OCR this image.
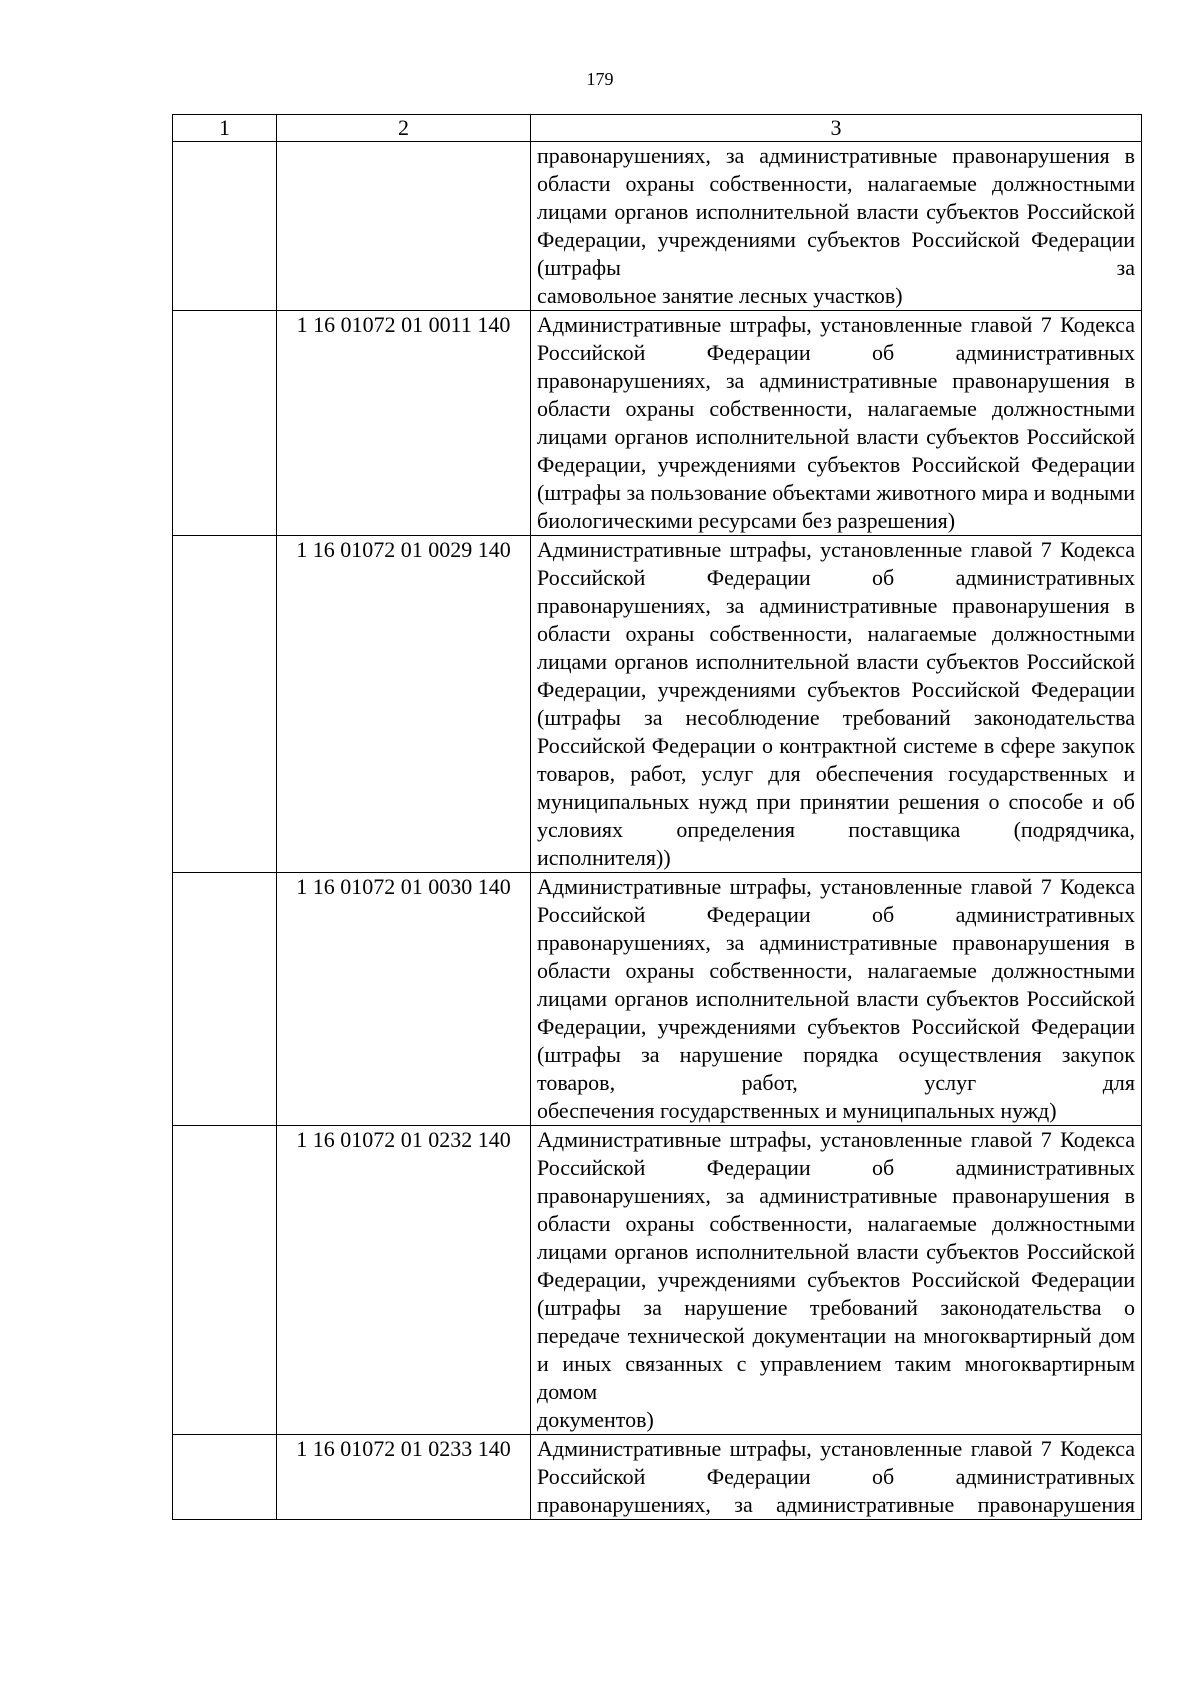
179
1	2	3
		правонарушениях, за административные правонарушения в области охраны собственности, налагаемые должностными лицами органов исполнительной власти субъектов Российской Федерации, учреждениями субъектов Российской Федерации (штрафы за
самовольное занятие лесных участков)

	1 16 01072 01 0011 140	Административные штрафы, установленные главой 7 Кодекса Российской Федерации об административных правонарушениях, за административные правонарушения в области охраны собственности, налагаемые должностными лицами органов исполнительной власти субъектов Российской Федерации, учреждениями субъектов Российской Федерации (штрафы за пользование объектами животного мира и водными
биологическими ресурсами без разрешения)

	1 16 01072 01 0029 140	Административные штрафы, установленные главой 7 Кодекса Российской Федерации об административных правонарушениях, за административные правонарушения в области охраны собственности, налагаемые должностными лицами органов исполнительной власти субъектов Российской Федерации, учреждениями субъектов Российской Федерации (штрафы за несоблюдение требований законодательства Российской Федерации о контрактной системе в сфере закупок товаров, работ, услуг для обеспечения государственных и муниципальных нужд при принятии решения о способе и об условиях определения поставщика (подрядчика,
исполнителя))

	1 16 01072 01 0030 140	Административные штрафы, установленные главой 7 Кодекса Российской Федерации об административных правонарушениях, за административные правонарушения в области охраны собственности, налагаемые должностными лицами органов исполнительной власти субъектов Российской Федерации, учреждениями субъектов Российской Федерации (штрафы за нарушение порядка осуществления закупок товаров, работ, услуг для
обеспечения государственных и муниципальных нужд)

	1 16 01072 01 0232 140	Административные штрафы, установленные главой 7 Кодекса Российской Федерации об административных правонарушениях, за административные правонарушения в области охраны собственности, налагаемые должностными лицами органов исполнительной власти субъектов Российской Федерации, учреждениями субъектов Российской Федерации (штрафы за нарушение требований законодательства о передаче технической документации на многоквартирный дом и иных связанных с управлением таким многоквартирным домом
документов)

	1 16 01072 01 0233 140	Административные штрафы, установленные главой 7 Кодекса Российской Федерации об административных правонарушениях, за административные правонарушения
